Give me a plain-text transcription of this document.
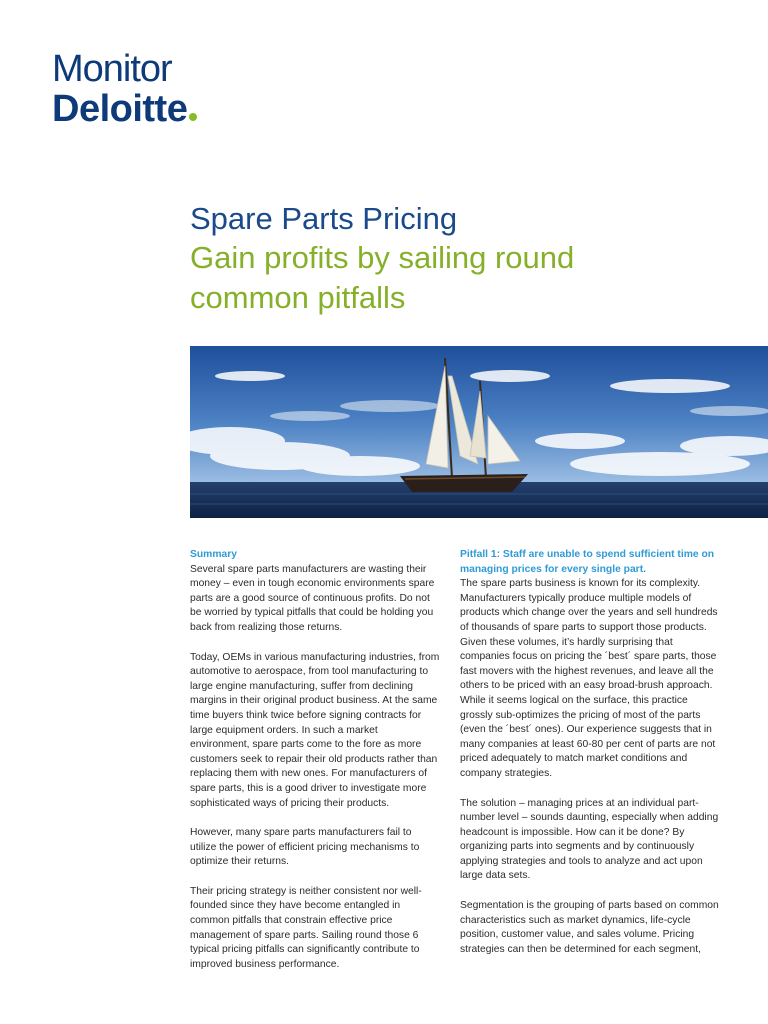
Monitor
Deloitte
Spare Parts Pricing
Gain profits by sailing round
common pitfalls
Summary

Several spare parts manufacturers are wasting their money – even in tough economic environments spare parts are a good source of continuous profits. Do not be worried by typical pitfalls that could be holding you back from realizing those returns.

Today, OEMs in various manufacturing industries, from automotive to aerospace, from tool manufacturing to large engine manufacturing, suffer from declining margins in their original product business. At the same time buyers think twice before signing contracts for large equipment orders. In such a market environment, spare parts come to the fore as more customers seek to repair their old products rather than replacing them with new ones. For manufacturers of spare parts, this is a good driver to investigate more sophisticated ways of pricing their products.

However, many spare parts manufacturers fail to utilize the power of efficient pricing mechanisms to optimize their returns.

Their pricing strategy is neither consistent nor well-founded since they have become entangled in common pitfalls that constrain effective price management of spare parts. Sailing round those 6 typical pricing pitfalls can significantly contribute to improved business performance.

Pitfall 1: Staff are unable to spend sufficient time on managing prices for every single part.

The spare parts business is known for its complexity. Manufacturers typically produce multiple models of products which change over the years and sell hundreds of thousands of spare parts to support those products. Given these volumes, it’s hardly surprising that companies focus on pricing the ´best´ spare parts, those fast movers with the highest revenues, and leave all the others to be priced with an easy broad-brush approach. While it seems logical on the surface, this practice grossly sub-optimizes the pricing of most of the parts (even the ´best´ ones). Our experience suggests that in many companies at least 60-80 per cent of parts are not priced adequately to match market conditions and company strategies.

The solution – managing prices at an individual part-number level – sounds daunting, especially when adding headcount is impossible. How can it be done? By organizing parts into segments and by continuously applying strategies and tools to analyze and act upon large data sets.

Segmentation is the grouping of parts based on common characteristics such as market dynamics, life-cycle position, customer value, and sales volume. Pricing strategies can then be determined for each segment,
